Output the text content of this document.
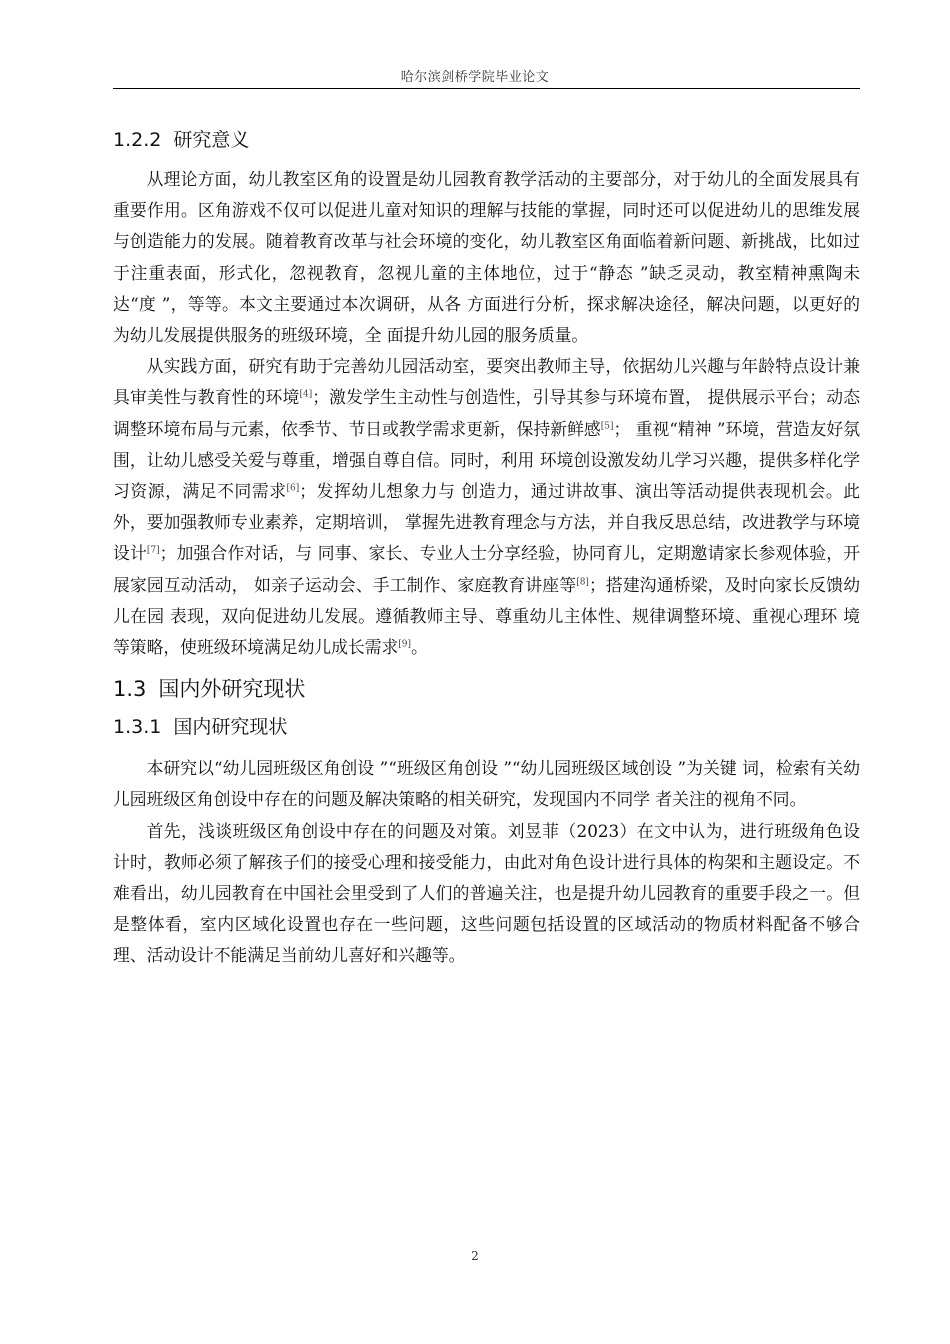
哈尔滨剑桥学院毕业论文
1.2.2 研究意义

从理论方面，幼儿教室区角的设置是幼儿园教育教学活动的主要部分，对于幼儿的全面发展具有重要作用。区角游戏不仅可以促进儿童对知识的理解与技能的掌握，同时还可以促进幼儿的思维发展与创造能力的发展。随着教育改革与社会环境的变化，幼儿教室区角面临着新问题、新挑战，比如过于注重表面，形式化，忽视教育，忽视儿童的主体地位，过于“静态 ”缺乏灵动，教室精神熏陶未达“度 ”，等等。本文主要通过本次调研，从各 方面进行分析，探求解决途径，解决问题，以更好的为幼儿发展提供服务的班级环境，全 面提升幼儿园的服务质量。

从实践方面，研究有助于完善幼儿园活动室，要突出教师主导，依据幼儿兴趣与年龄特点设计兼具审美性与教育性的环境[4]；激发学生主动性与创造性，引导其参与环境布置， 提供展示平台；动态调整环境布局与元素，依季节、节日或教学需求更新，保持新鲜感[5]； 重视“精神 ”环境，营造友好氛围，让幼儿感受关爱与尊重，增强自尊自信。同时，利用 环境创设激发幼儿学习兴趣，提供多样化学习资源，满足不同需求[6]；发挥幼儿想象力与 创造力，通过讲故事、演出等活动提供表现机会。此外，要加强教师专业素养，定期培训， 掌握先进教育理念与方法，并自我反思总结，改进教学与环境设计[7]；加强合作对话，与 同事、家长、专业人士分享经验，协同育儿，定期邀请家长参观体验，开展家园互动活动， 如亲子运动会、手工制作、家庭教育讲座等[8]；搭建沟通桥梁，及时向家长反馈幼儿在园 表现，双向促进幼儿发展。遵循教师主导、尊重幼儿主体性、规律调整环境、重视心理环 境等策略，使班级环境满足幼儿成长需求[9]。

1.3 国内外研究现状
1.3.1 国内研究现状

本研究以“幼儿园班级区角创设 ”“班级区角创设 ”“幼儿园班级区域创设 ”为关键 词，检索有关幼儿园班级区角创设中存在的问题及解决策略的相关研究，发现国内不同学 者关注的视角不同。

首先，浅谈班级区角创设中存在的问题及对策。刘昱菲（2023）在文中认为，进行班级角色设计时，教师必须了解孩子们的接受心理和接受能力，由此对角色设计进行具体的构架和主题设定。不难看出，幼儿园教育在中国社会里受到了人们的普遍关注，也是提升幼儿园教育的重要手段之一。但是整体看，室内区域化设置也存在一些问题，这些问题包括设置的区域活动的物质材料配备不够合理、活动设计不能满足当前幼儿喜好和兴趣等。

2
